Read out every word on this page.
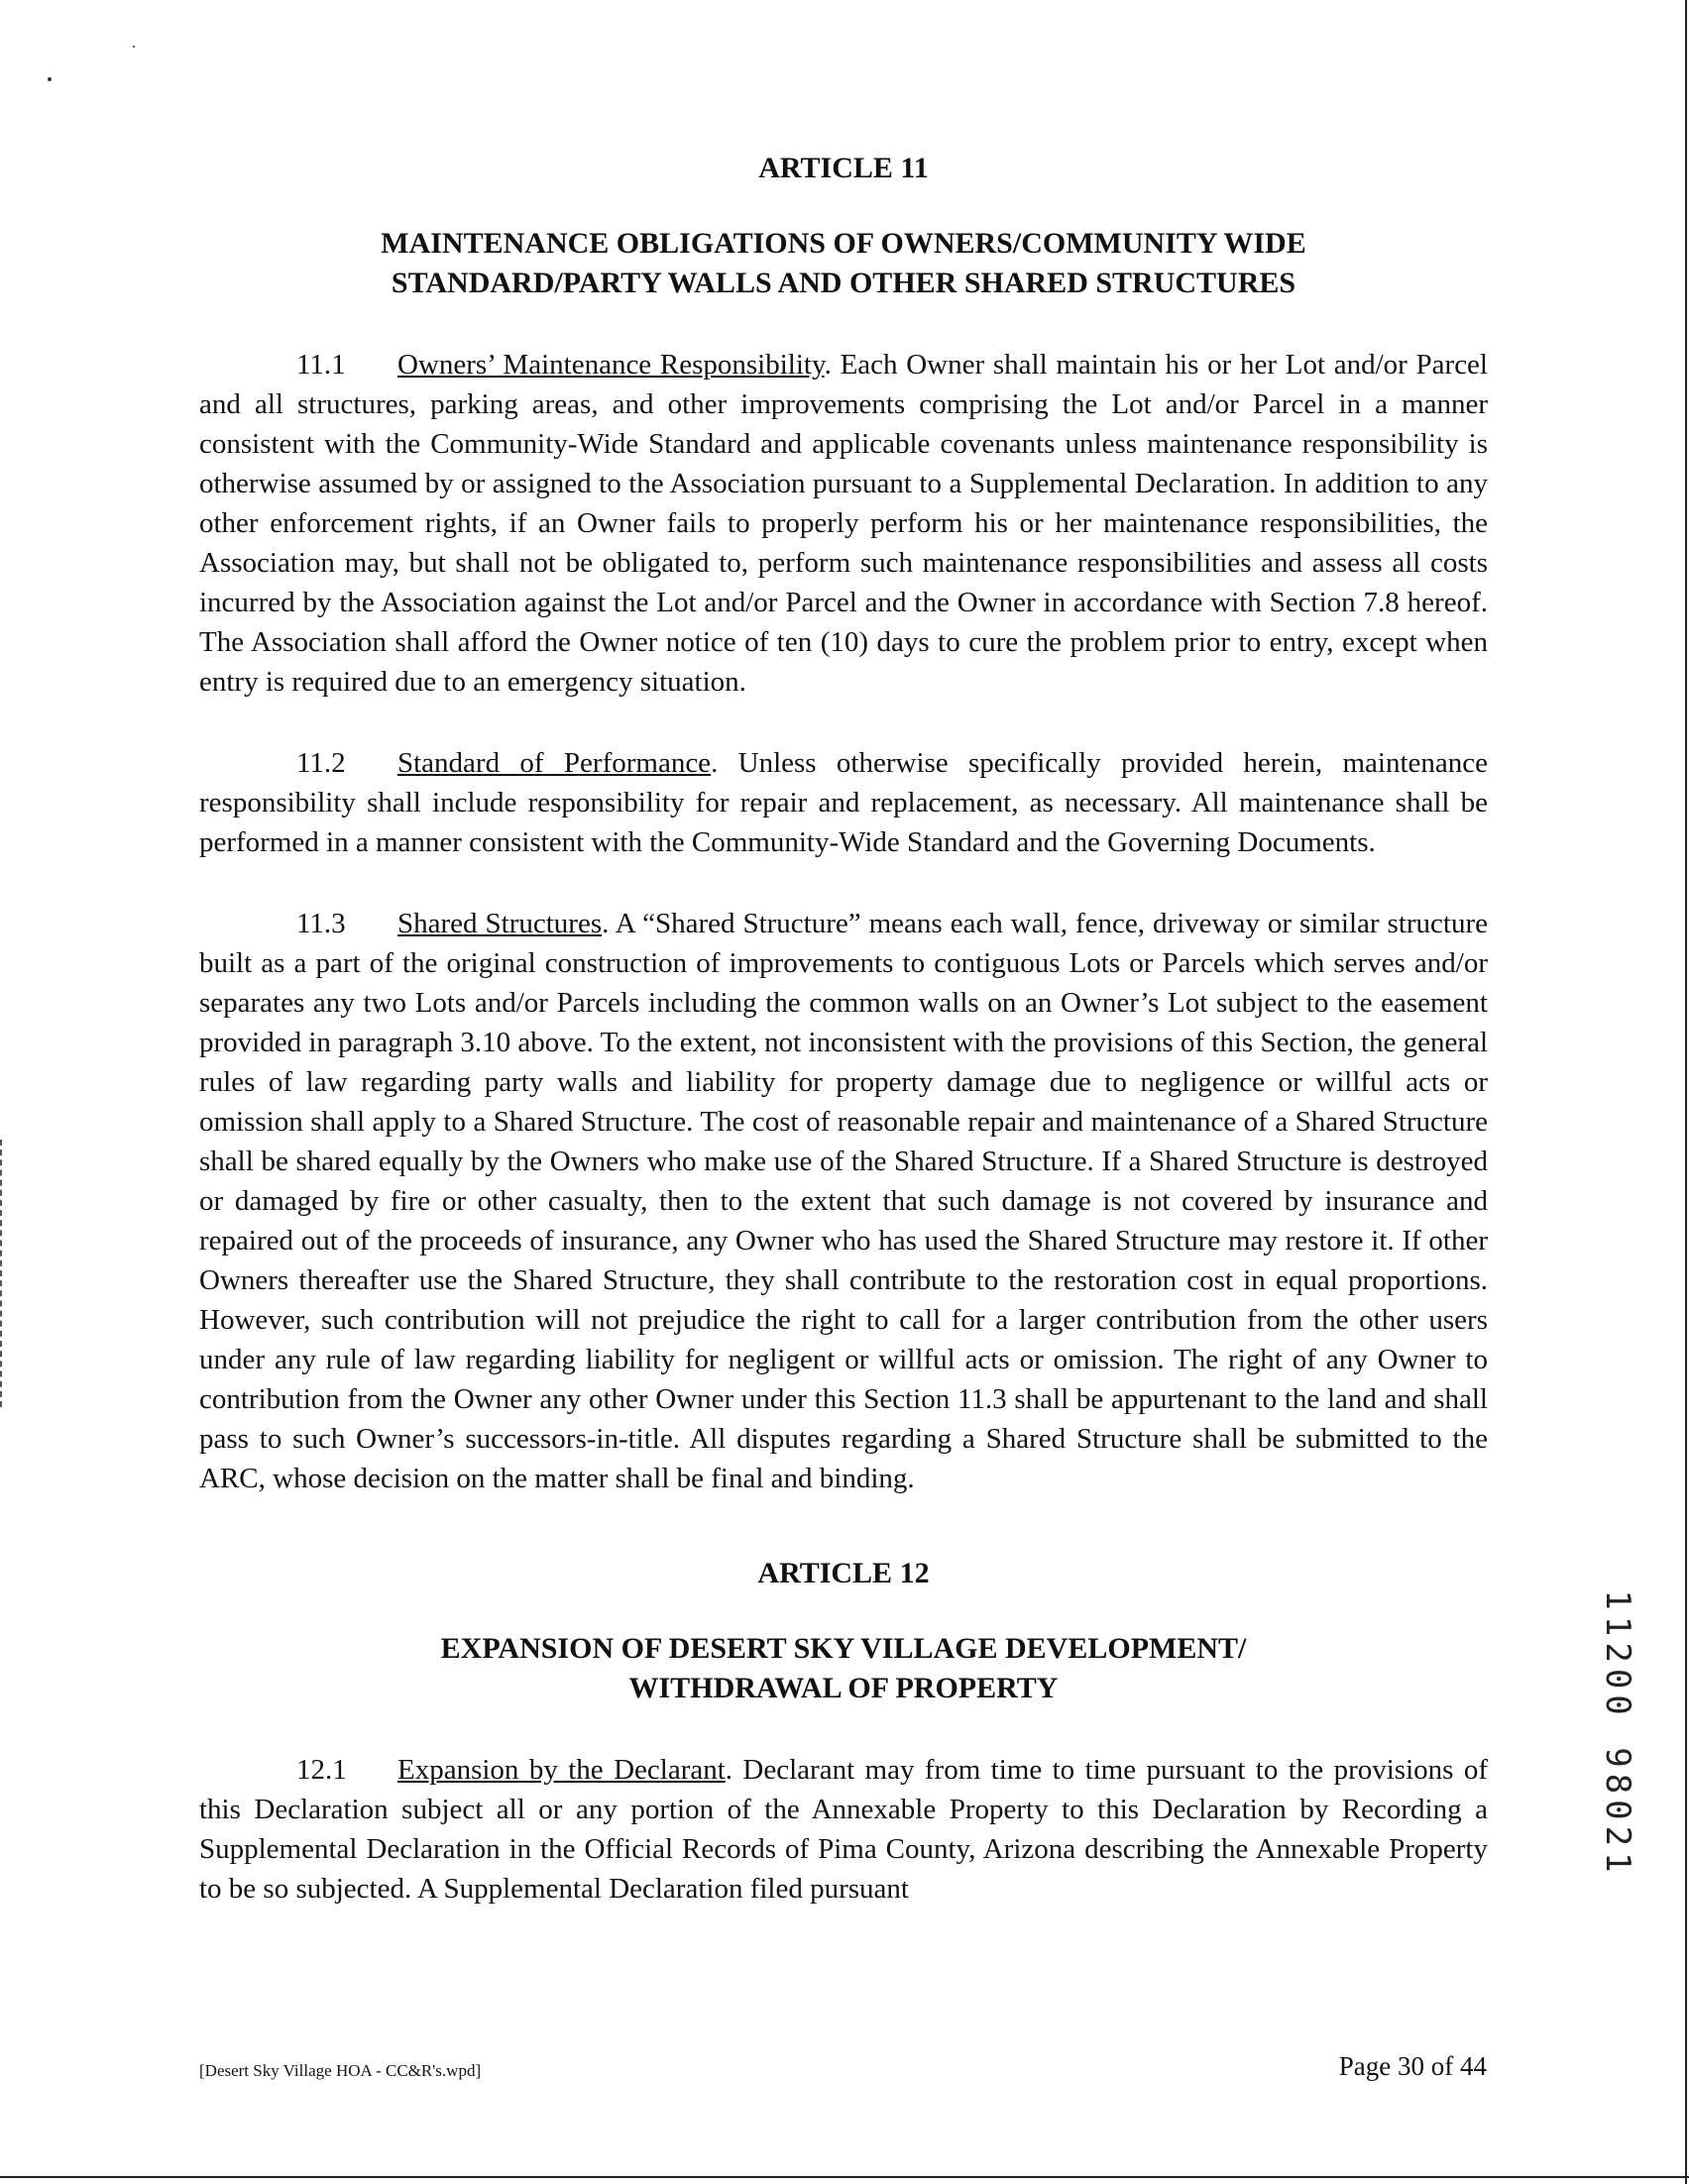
ARTICLE 11
MAINTENANCE OBLIGATIONS OF OWNERS/COMMUNITY WIDE
STANDARD/PARTY WALLS AND OTHER SHARED STRUCTURES

11.1 Owners’ Maintenance Responsibility. Each Owner shall maintain his or her Lot and/or Parcel and all structures, parking areas, and other improvements comprising the Lot and/or Parcel in a manner consistent with the Community-Wide Standard and applicable covenants unless maintenance responsibility is otherwise assumed by or assigned to the Association pursuant to a Supplemental Declaration. In addition to any other enforcement rights, if an Owner fails to properly perform his or her maintenance responsibilities, the Association may, but shall not be obligated to, perform such maintenance responsibilities and assess all costs incurred by the Association against the Lot and/or Parcel and the Owner in accordance with Section 7.8 hereof. The Association shall afford the Owner notice of ten (10) days to cure the problem prior to entry, except when entry is required due to an emergency situation.

11.2 Standard of Performance. Unless otherwise specifically provided herein, maintenance responsibility shall include responsibility for repair and replacement, as necessary. All maintenance shall be performed in a manner consistent with the Community-Wide Standard and the Governing Documents.

11.3 Shared Structures. A “Shared Structure” means each wall, fence, driveway or similar structure built as a part of the original construction of improvements to contiguous Lots or Parcels which serves and/or separates any two Lots and/or Parcels including the common walls on an Owner’s Lot subject to the easement provided in paragraph 3.10 above. To the extent, not inconsistent with the provisions of this Section, the general rules of law regarding party walls and liability for property damage due to negligence or willful acts or omission shall apply to a Shared Structure. The cost of reasonable repair and maintenance of a Shared Structure shall be shared equally by the Owners who make use of the Shared Structure. If a Shared Structure is destroyed or damaged by fire or other casualty, then to the extent that such damage is not covered by insurance and repaired out of the proceeds of insurance, any Owner who has used the Shared Structure may restore it. If other Owners thereafter use the Shared Structure, they shall contribute to the restoration cost in equal proportions. However, such contribution will not prejudice the right to call for a larger contribution from the other users under any rule of law regarding liability for negligent or willful acts or omission. The right of any Owner to contribution from the Owner any other Owner under this Section 11.3 shall be appurtenant to the land and shall pass to such Owner’s successors-in-title. All disputes regarding a Shared Structure shall be submitted to the ARC, whose decision on the matter shall be final and binding.

ARTICLE 12
EXPANSION OF DESERT SKY VILLAGE DEVELOPMENT/
WITHDRAWAL OF PROPERTY

12.1 Expansion by the Declarant. Declarant may from time to time pursuant to the provisions of this Declaration subject all or any portion of the Annexable Property to this Declaration by Recording a Supplemental Declaration in the Official Records of Pima County, Arizona describing the Annexable Property to be so subjected. A Supplemental Declaration filed pursuant

[Desert Sky Village HOA - CC&R's.wpd]	Page 30 of 44
11200 98021
